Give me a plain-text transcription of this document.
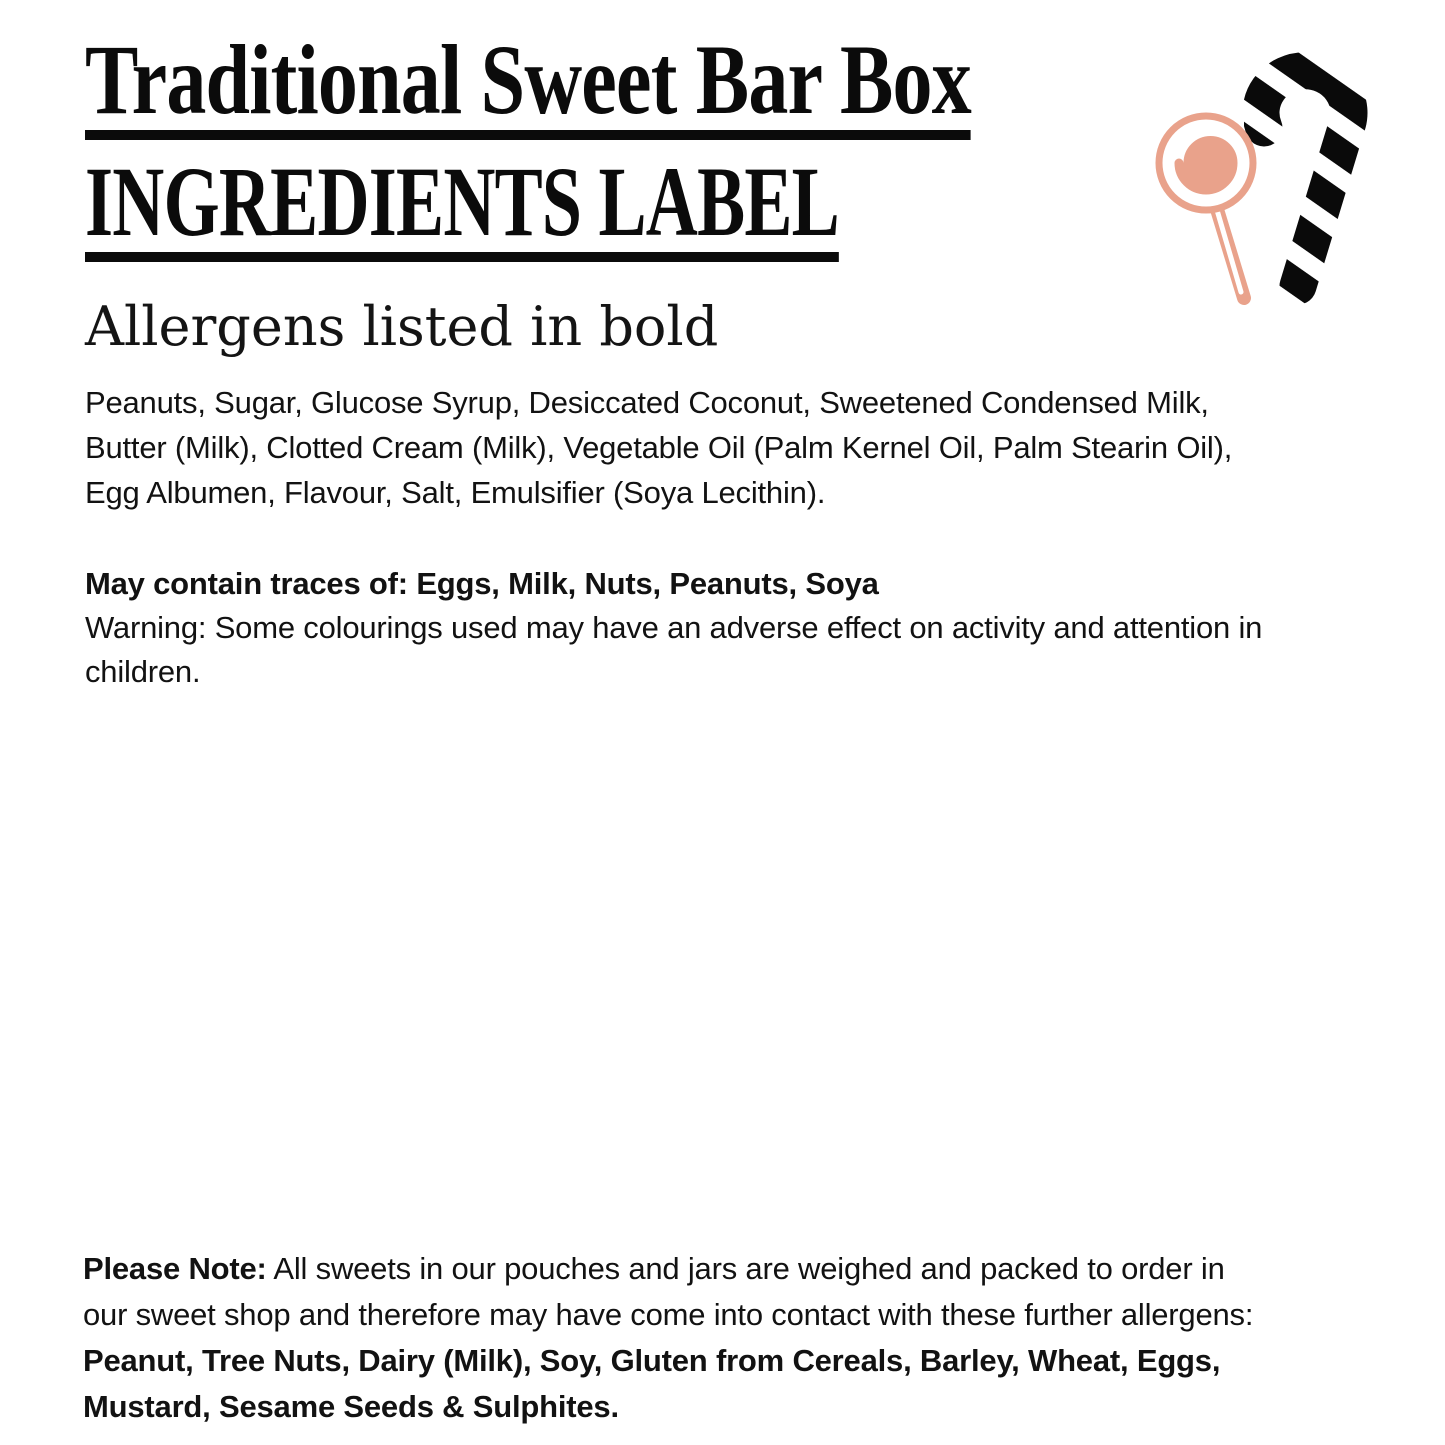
Traditional Sweet Bar Box
INGREDIENTS LABEL
Allergens listed in bold
Peanuts, Sugar, Glucose Syrup, Desiccated Coconut, Sweetened Condensed Milk,
Butter (Milk), Clotted Cream (Milk), Vegetable Oil (Palm Kernel Oil, Palm Stearin Oil),
Egg Albumen, Flavour, Salt, Emulsifier (Soya Lecithin).
May contain traces of: Eggs, Milk, Nuts, Peanuts, Soya
Warning: Some colourings used may have an adverse effect on activity and attention in
children.
Please Note: All sweets in our pouches and jars are weighed and packed to order in
our sweet shop and therefore may have come into contact with these further allergens:
Peanut, Tree Nuts, Dairy (Milk), Soy, Gluten from Cereals, Barley, Wheat, Eggs,
Mustard, Sesame Seeds & Sulphites.
